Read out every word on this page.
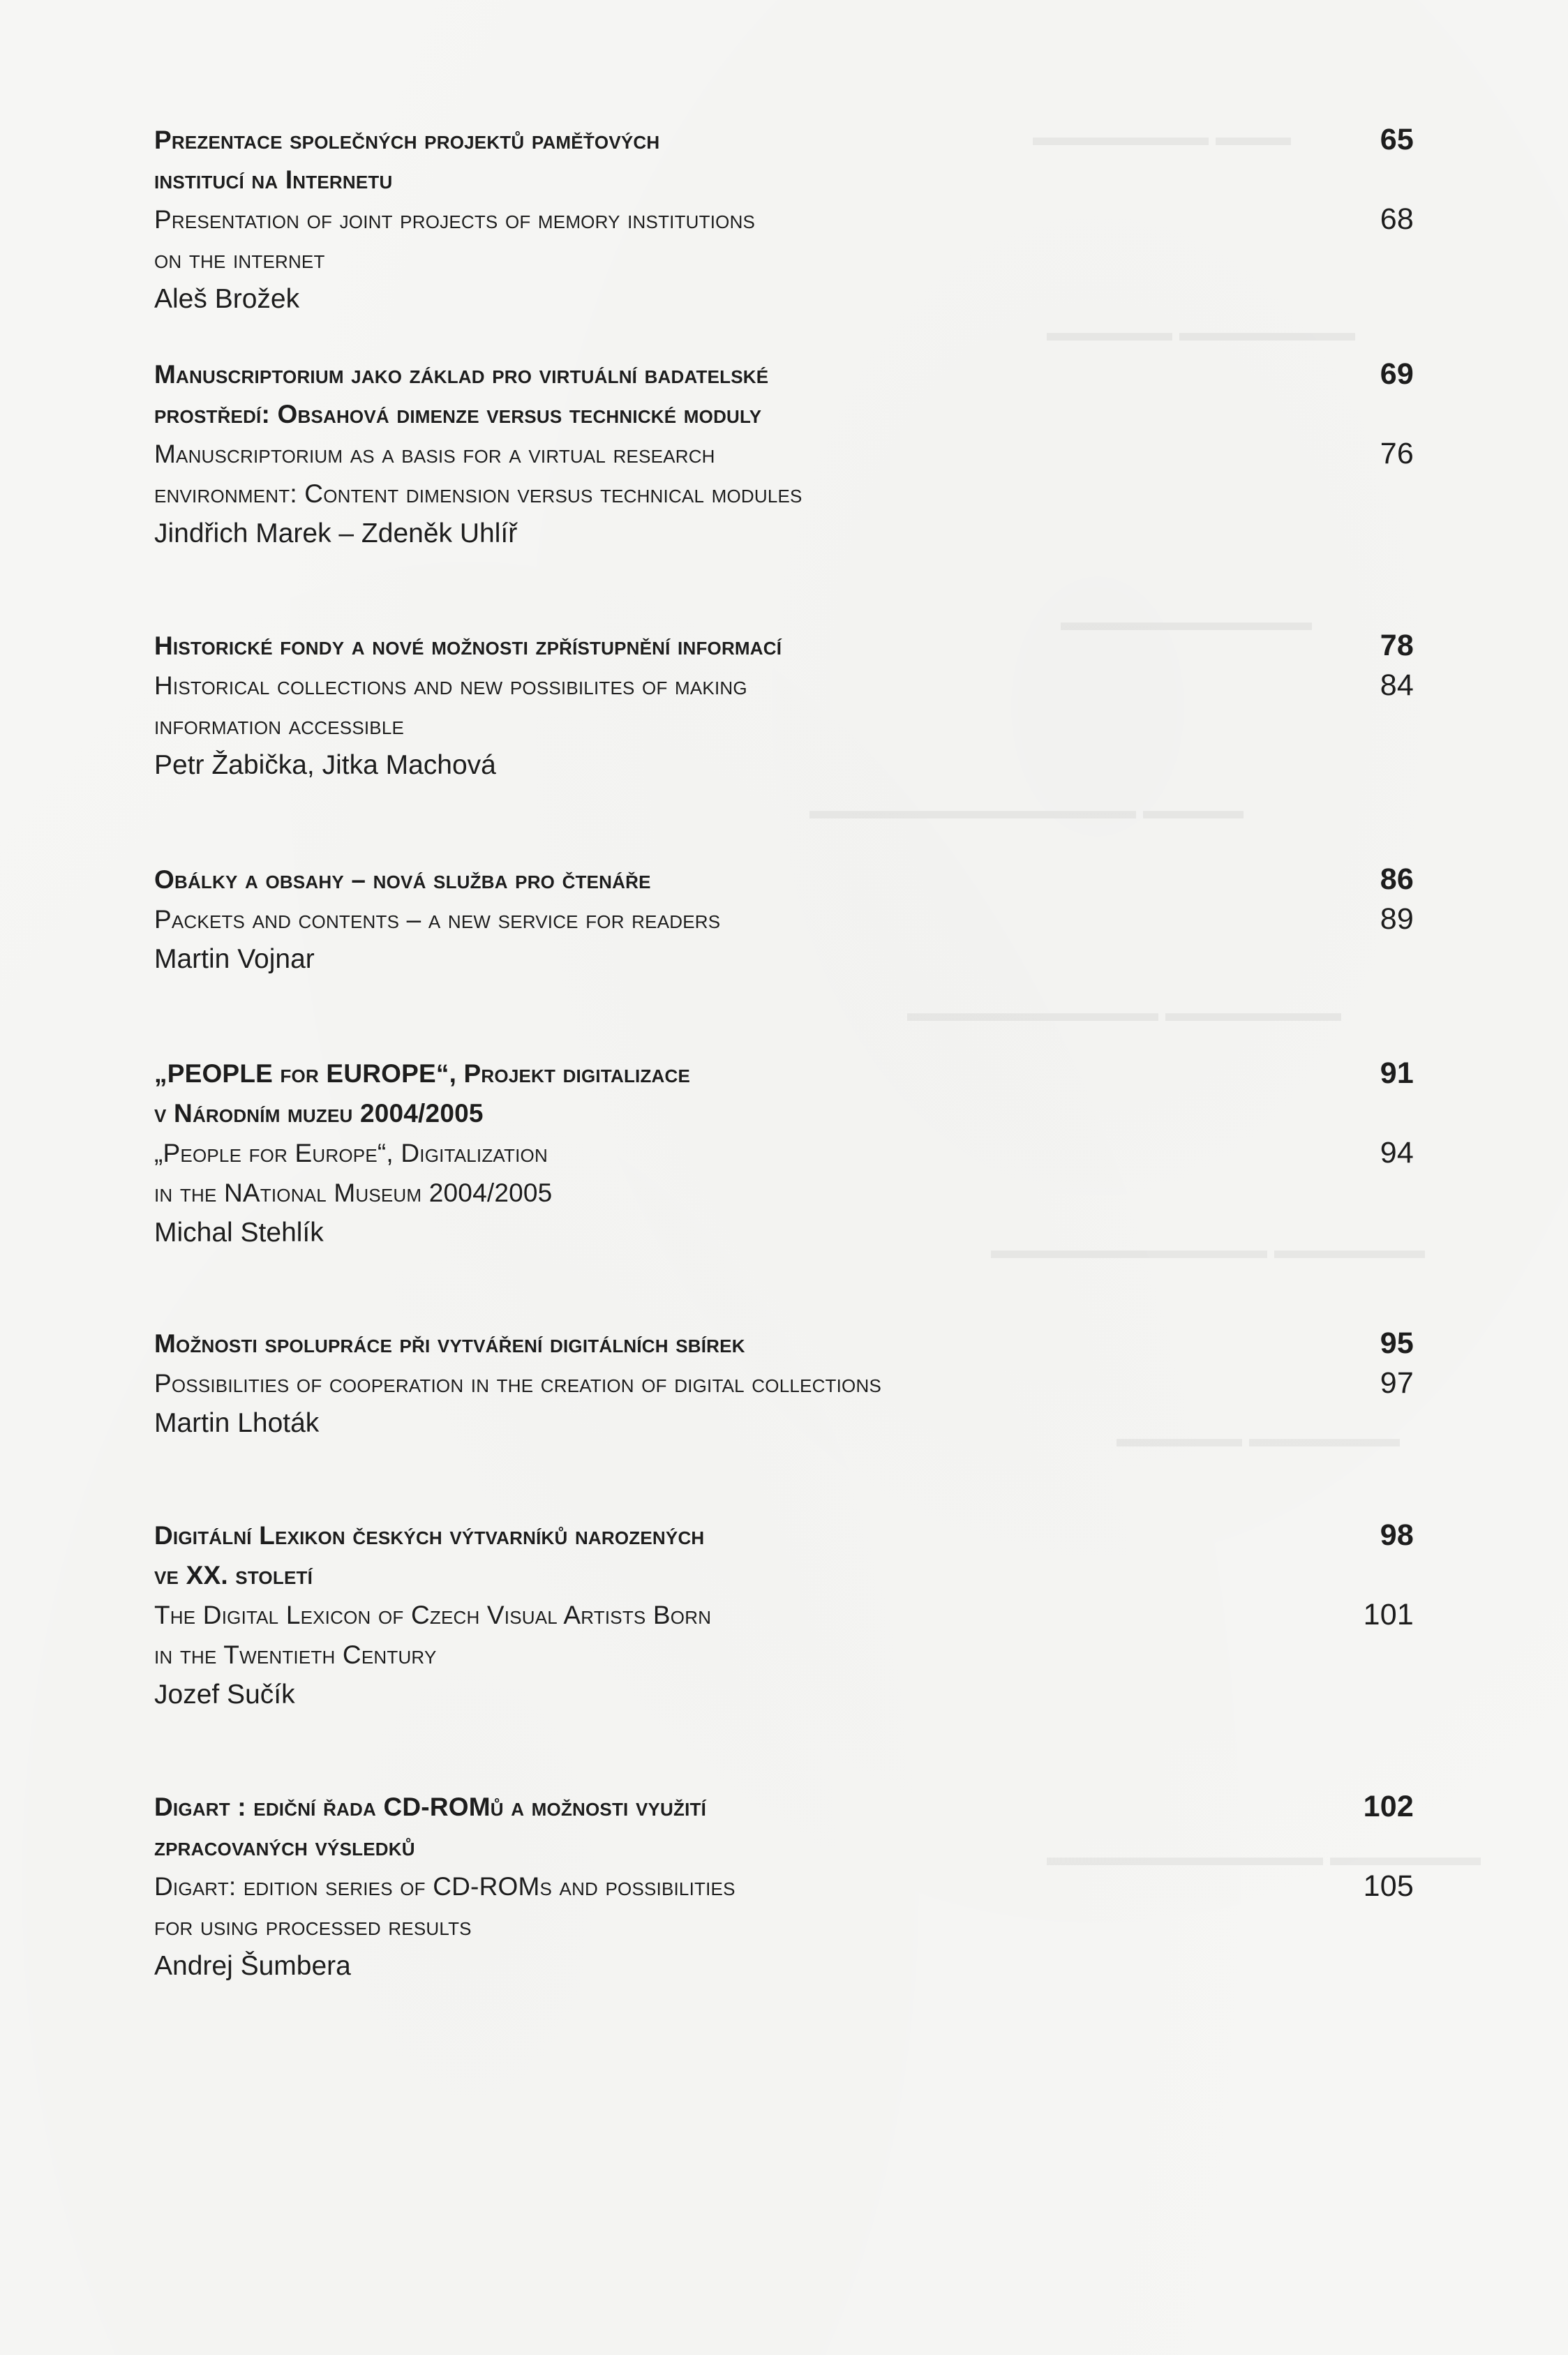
▬▬▬ ▬▬▬▬▬▬▬
▬▬▬▬▬▬▬ ▬▬▬▬▬
▬▬▬▬▬▬▬▬▬▬
▬▬▬▬ ▬▬▬▬▬▬▬▬▬▬▬▬▬
▬▬▬▬▬▬▬ ▬▬▬▬▬▬▬▬▬▬
▬▬▬▬▬▬ ▬▬▬▬▬▬▬▬▬▬▬
▬▬▬▬▬▬ ▬▬▬▬▬
▬▬▬▬▬▬ ▬▬▬▬▬▬▬▬▬▬▬
Prezentace společných projektů paměťových	65
institucí na Internetu
Presentation of joint projects of memory institutions	68
on the internet
Aleš Brožek
Manuscriptorium jako základ pro virtuální badatelské	69
prostředí: Obsahová dimenze versus technické moduly
Manuscriptorium as a basis for a virtual research	76
environment: Content dimension versus technical modules
Jindřich Marek – Zdeněk Uhlíř
Historické fondy a nové možnosti zpřístupnění informací	78
Historical collections and new possibilites of making	84
information accessible
Petr Žabička, Jitka Machová
Obálky a obsahy – nová služba pro čtenáře	86
Packets and contents – a new service for readers	89
Martin Vojnar
„PEOPLE for EUROPE“, Projekt digitalizace	91
v Národním muzeu 2004/2005
„People for Europe“, Digitalization	94
in the NAtional Museum 2004/2005
Michal Stehlík
Možnosti spolupráce při vytváření digitálních sbírek	95
Possibilities of cooperation in the creation of digital collections	97
Martin Lhoták
Digitální Lexikon českých výtvarníků narozených	98
ve XX. století
The Digital Lexicon of Czech Visual Artists Born	101
in the Twentieth Century
Jozef Sučík
Digart : ediční řada CD-ROMů a možnosti využití	102
zpracovaných výsledků
Digart: edition series of CD-ROMs and possibilities	105
for using processed results
Andrej Šumbera
